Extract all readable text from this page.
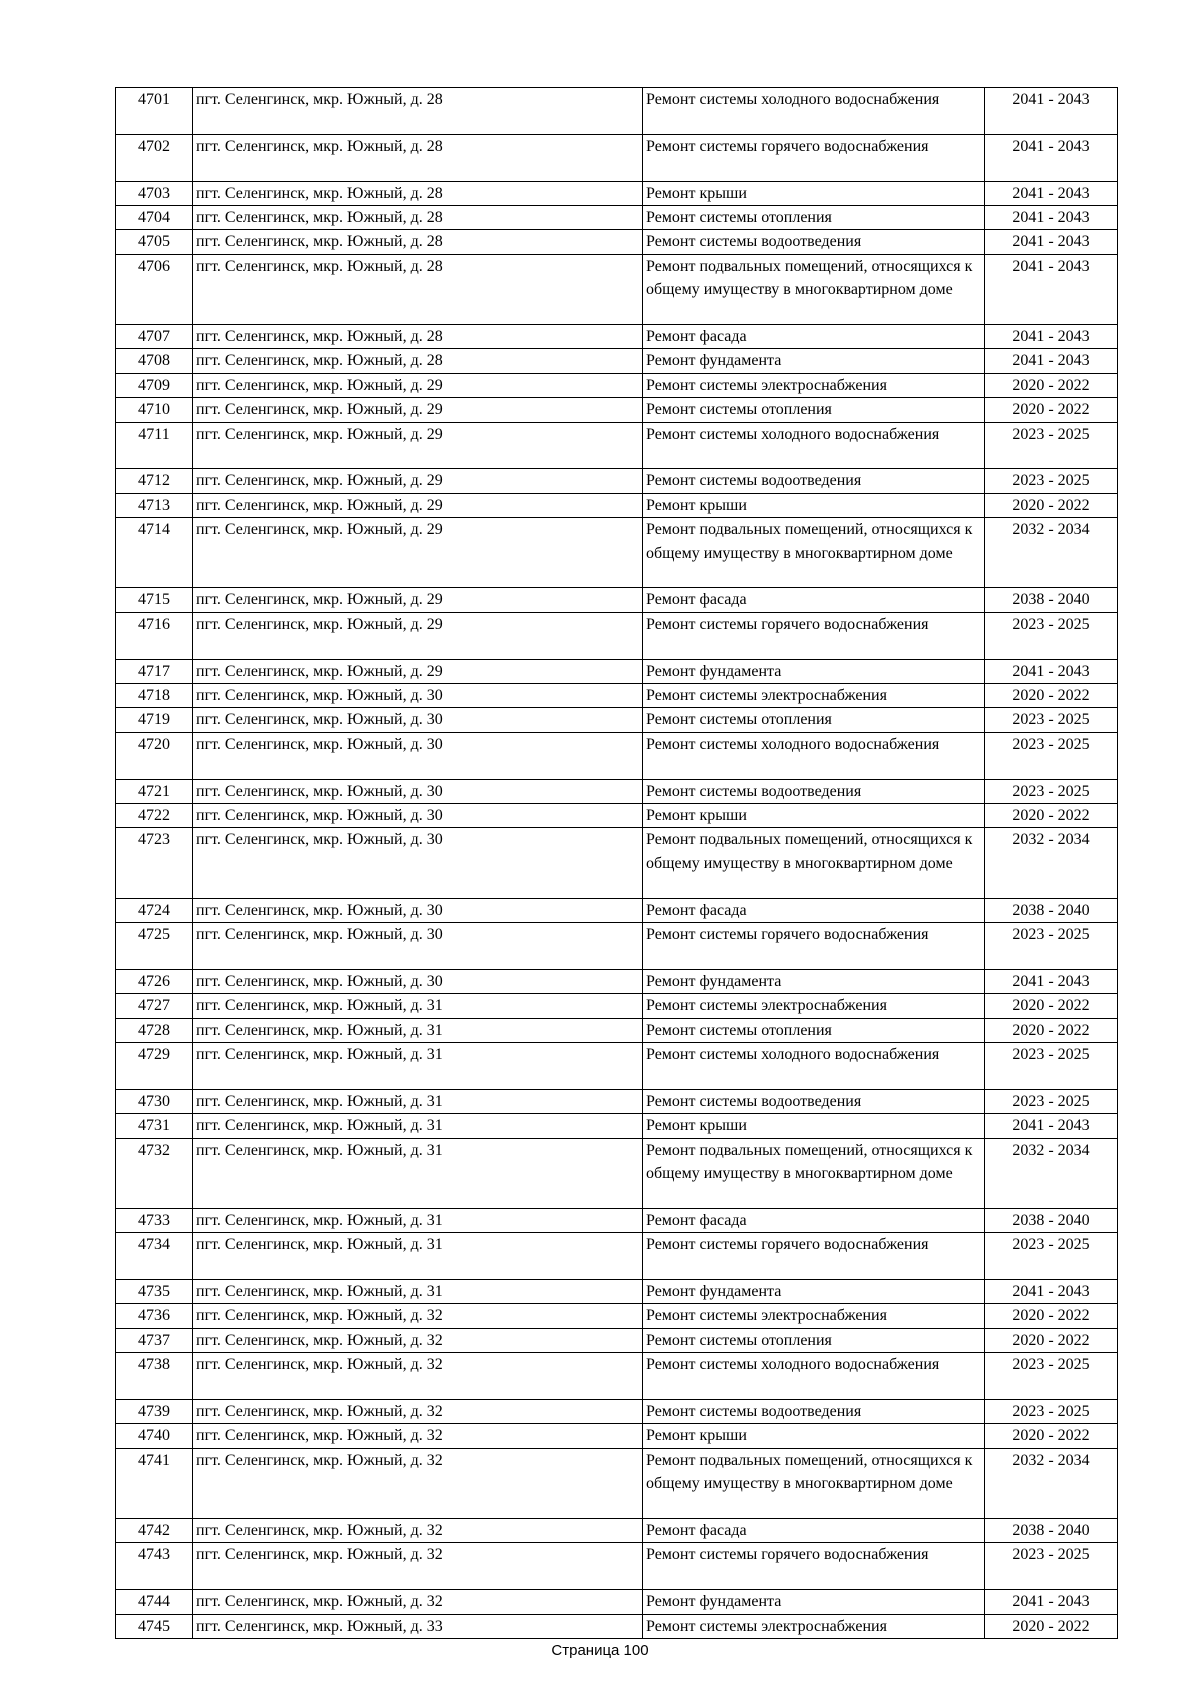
4701	пгт. Селенгинск, мкр. Южный, д. 28	Ремонт системы холодного водоснабжения	2041 - 2043
4702	пгт. Селенгинск, мкр. Южный, д. 28	Ремонт системы горячего водоснабжения	2041 - 2043
4703	пгт. Селенгинск, мкр. Южный, д. 28	Ремонт крыши	2041 - 2043
4704	пгт. Селенгинск, мкр. Южный, д. 28	Ремонт системы отопления	2041 - 2043
4705	пгт. Селенгинск, мкр. Южный, д. 28	Ремонт системы водоотведения	2041 - 2043
4706	пгт. Селенгинск, мкр. Южный, д. 28	Ремонт подвальных помещений, относящихся к общему имуществу в многоквартирном доме	2041 - 2043
4707	пгт. Селенгинск, мкр. Южный, д. 28	Ремонт фасада	2041 - 2043
4708	пгт. Селенгинск, мкр. Южный, д. 28	Ремонт фундамента	2041 - 2043
4709	пгт. Селенгинск, мкр. Южный, д. 29	Ремонт системы электроснабжения	2020 - 2022
4710	пгт. Селенгинск, мкр. Южный, д. 29	Ремонт системы отопления	2020 - 2022
4711	пгт. Селенгинск, мкр. Южный, д. 29	Ремонт системы холодного водоснабжения	2023 - 2025
4712	пгт. Селенгинск, мкр. Южный, д. 29	Ремонт системы водоотведения	2023 - 2025
4713	пгт. Селенгинск, мкр. Южный, д. 29	Ремонт крыши	2020 - 2022
4714	пгт. Селенгинск, мкр. Южный, д. 29	Ремонт подвальных помещений, относящихся к общему имуществу в многоквартирном доме	2032 - 2034
4715	пгт. Селенгинск, мкр. Южный, д. 29	Ремонт фасада	2038 - 2040
4716	пгт. Селенгинск, мкр. Южный, д. 29	Ремонт системы горячего водоснабжения	2023 - 2025
4717	пгт. Селенгинск, мкр. Южный, д. 29	Ремонт фундамента	2041 - 2043
4718	пгт. Селенгинск, мкр. Южный, д. 30	Ремонт системы электроснабжения	2020 - 2022
4719	пгт. Селенгинск, мкр. Южный, д. 30	Ремонт системы отопления	2023 - 2025
4720	пгт. Селенгинск, мкр. Южный, д. 30	Ремонт системы холодного водоснабжения	2023 - 2025
4721	пгт. Селенгинск, мкр. Южный, д. 30	Ремонт системы водоотведения	2023 - 2025
4722	пгт. Селенгинск, мкр. Южный, д. 30	Ремонт крыши	2020 - 2022
4723	пгт. Селенгинск, мкр. Южный, д. 30	Ремонт подвальных помещений, относящихся к общему имуществу в многоквартирном доме	2032 - 2034
4724	пгт. Селенгинск, мкр. Южный, д. 30	Ремонт фасада	2038 - 2040
4725	пгт. Селенгинск, мкр. Южный, д. 30	Ремонт системы горячего водоснабжения	2023 - 2025
4726	пгт. Селенгинск, мкр. Южный, д. 30	Ремонт фундамента	2041 - 2043
4727	пгт. Селенгинск, мкр. Южный, д. 31	Ремонт системы электроснабжения	2020 - 2022
4728	пгт. Селенгинск, мкр. Южный, д. 31	Ремонт системы отопления	2020 - 2022
4729	пгт. Селенгинск, мкр. Южный, д. 31	Ремонт системы холодного водоснабжения	2023 - 2025
4730	пгт. Селенгинск, мкр. Южный, д. 31	Ремонт системы водоотведения	2023 - 2025
4731	пгт. Селенгинск, мкр. Южный, д. 31	Ремонт крыши	2041 - 2043
4732	пгт. Селенгинск, мкр. Южный, д. 31	Ремонт подвальных помещений, относящихся к общему имуществу в многоквартирном доме	2032 - 2034
4733	пгт. Селенгинск, мкр. Южный, д. 31	Ремонт фасада	2038 - 2040
4734	пгт. Селенгинск, мкр. Южный, д. 31	Ремонт системы горячего водоснабжения	2023 - 2025
4735	пгт. Селенгинск, мкр. Южный, д. 31	Ремонт фундамента	2041 - 2043
4736	пгт. Селенгинск, мкр. Южный, д. 32	Ремонт системы электроснабжения	2020 - 2022
4737	пгт. Селенгинск, мкр. Южный, д. 32	Ремонт системы отопления	2020 - 2022
4738	пгт. Селенгинск, мкр. Южный, д. 32	Ремонт системы холодного водоснабжения	2023 - 2025
4739	пгт. Селенгинск, мкр. Южный, д. 32	Ремонт системы водоотведения	2023 - 2025
4740	пгт. Селенгинск, мкр. Южный, д. 32	Ремонт крыши	2020 - 2022
4741	пгт. Селенгинск, мкр. Южный, д. 32	Ремонт подвальных помещений, относящихся к общему имуществу в многоквартирном доме	2032 - 2034
4742	пгт. Селенгинск, мкр. Южный, д. 32	Ремонт фасада	2038 - 2040
4743	пгт. Селенгинск, мкр. Южный, д. 32	Ремонт системы горячего водоснабжения	2023 - 2025
4744	пгт. Селенгинск, мкр. Южный, д. 32	Ремонт фундамента	2041 - 2043
4745	пгт. Селенгинск, мкр. Южный, д. 33	Ремонт системы электроснабжения	2020 - 2022
Страница 100
